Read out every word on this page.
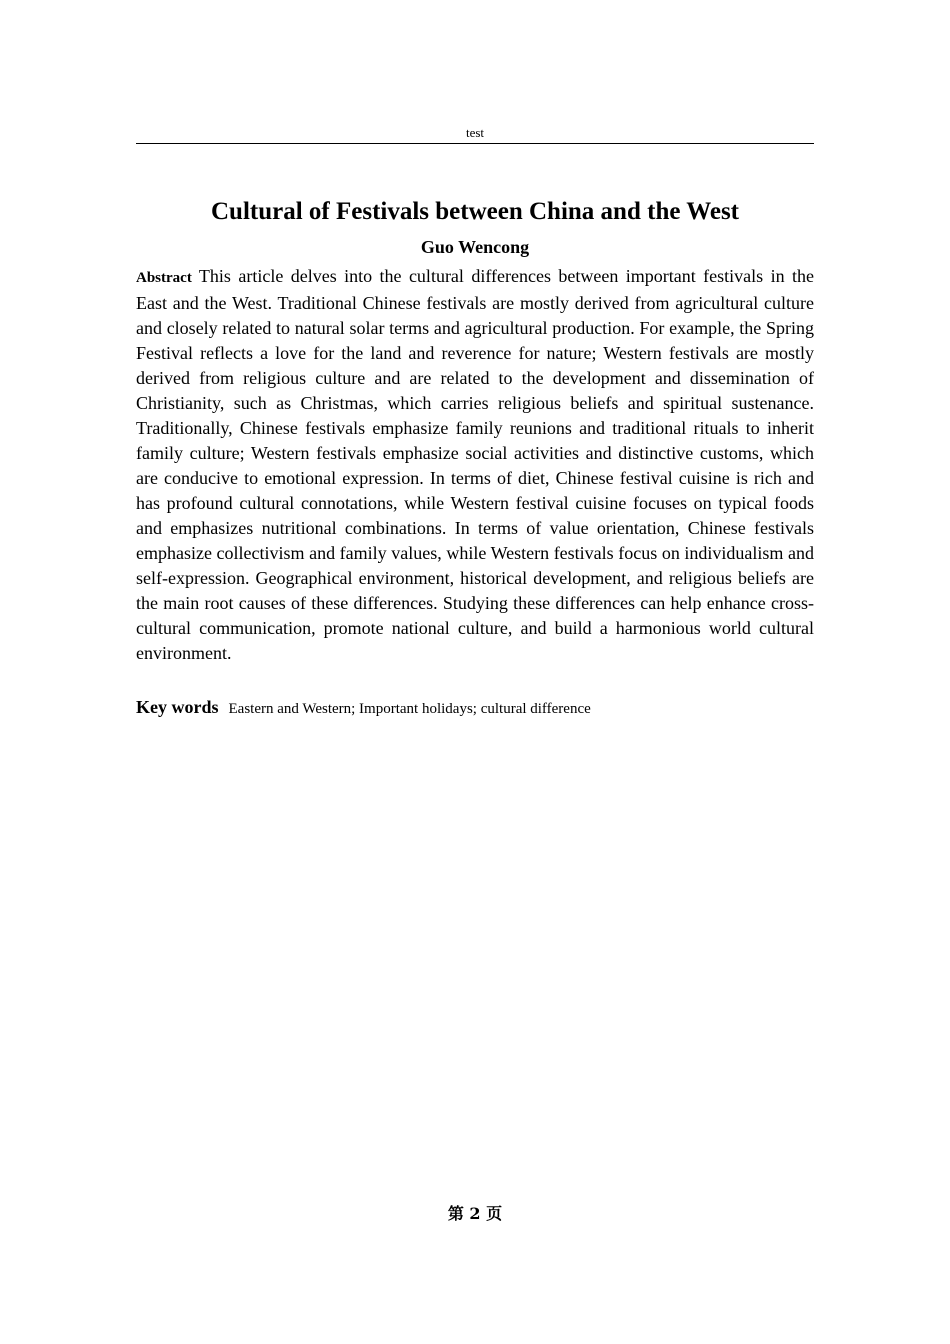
test
Cultural of Festivals between China and the West
Guo Wencong

Abstract This article delves into the cultural differences between important festivals in the East and the West. Traditional Chinese festivals are mostly derived from agricultural culture and closely related to natural solar terms and agricultural production. For example, the Spring Festival reflects a love for the land and reverence for nature; Western festivals are mostly derived from religious culture and are related to the development and dissemination of Christianity, such as Christmas, which carries religious beliefs and spiritual sustenance. Traditionally, Chinese festivals emphasize family reunions and traditional rituals to inherit family culture; Western festivals emphasize social activities and distinctive customs, which are conducive to emotional expression. In terms of diet, Chinese festival cuisine is rich and has profound cultural connotations, while Western festival cuisine focuses on typical foods and emphasizes nutritional combinations. In terms of value orientation, Chinese festivals emphasize collectivism and family values, while Western festivals focus on individualism and self-expression. Geographical environment, historical development, and religious beliefs are the main root causes of these differences. Studying these differences can help enhance cross-cultural communication, promote national culture, and build a harmonious world cultural environment.

Key words Eastern and Western; Important holidays; cultural difference
第 2 页
